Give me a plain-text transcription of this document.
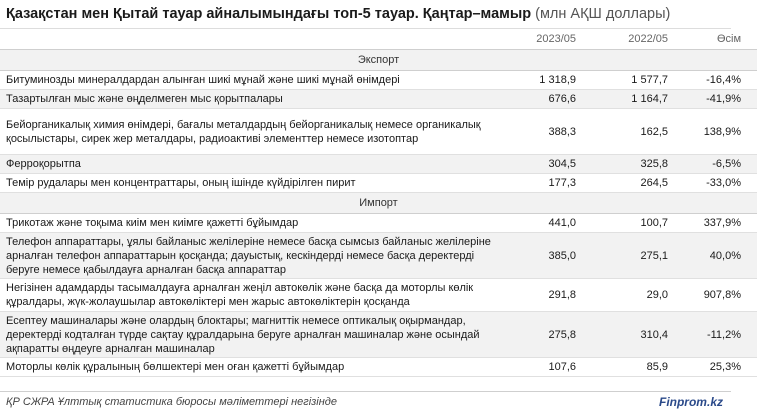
Қазақстан мен Қытай тауар айналымындағы топ-5 тауар. Қаңтар–мамыр (млн АҚШ доллары)
	2023/05	2022/05	Өсім
Экспорт			
Битуминозды минералдардан алынған шикі мұнай және шикі мұнай өнімдері	1 318,9	1 577,7	-16,4%
Тазартылған мыс және өңделмеген мыс қорытпалары	676,6	1 164,7	-41,9%
Бейорганикалық химия өнімдері, бағалы металдардың бейорганикалық немесе органикалық қосылыстары, сирек жер металдары, радиоактиві элементтер немесе изотоптар	388,3	162,5	138,9%
Ферроқорытпа	304,5	325,8	-6,5%
Темір рудалары мен концентраттары, оның ішінде күйдірілген пирит	177,3	264,5	-33,0%
Импорт			
Трикотаж және тоқыма киім мен киімге қажетті бұйымдар	441,0	100,7	337,9%
Телефон аппараттары, ұялы байланыс желілеріне немесе басқа сымсыз байланыс желілеріне арналған телефон аппараттарын қосқанда; дауыстық, кескіндерді немесе басқа деректерді беруге немесе қабылдауға арналған басқа аппараттар	385,0	275,1	40,0%
Негізінен адамдарды тасымалдауға арналған жеңіл автокөлік және басқа да моторлы көлік құралдары, жүк-жолаушылар автокөліктері мен жарыс автокөліктерін қосқанда	291,8	29,0	907,8%
Есептеу машиналары және олардың блоктары; магниттік немесе оптикалық оқырмандар, деректерді кодталған түрде сақтау құралдарына беруге арналған машиналар және осындай ақпаратты өңдеуге арналған машиналар	275,8	310,4	-11,2%
Моторлы көлік құралының бөлшектері мен оған қажетті бұйымдар	107,6	85,9	25,3%
ҚР СЖРА Ұлттық статистика бюросы мәліметтері негізінде	Finprom.kz
